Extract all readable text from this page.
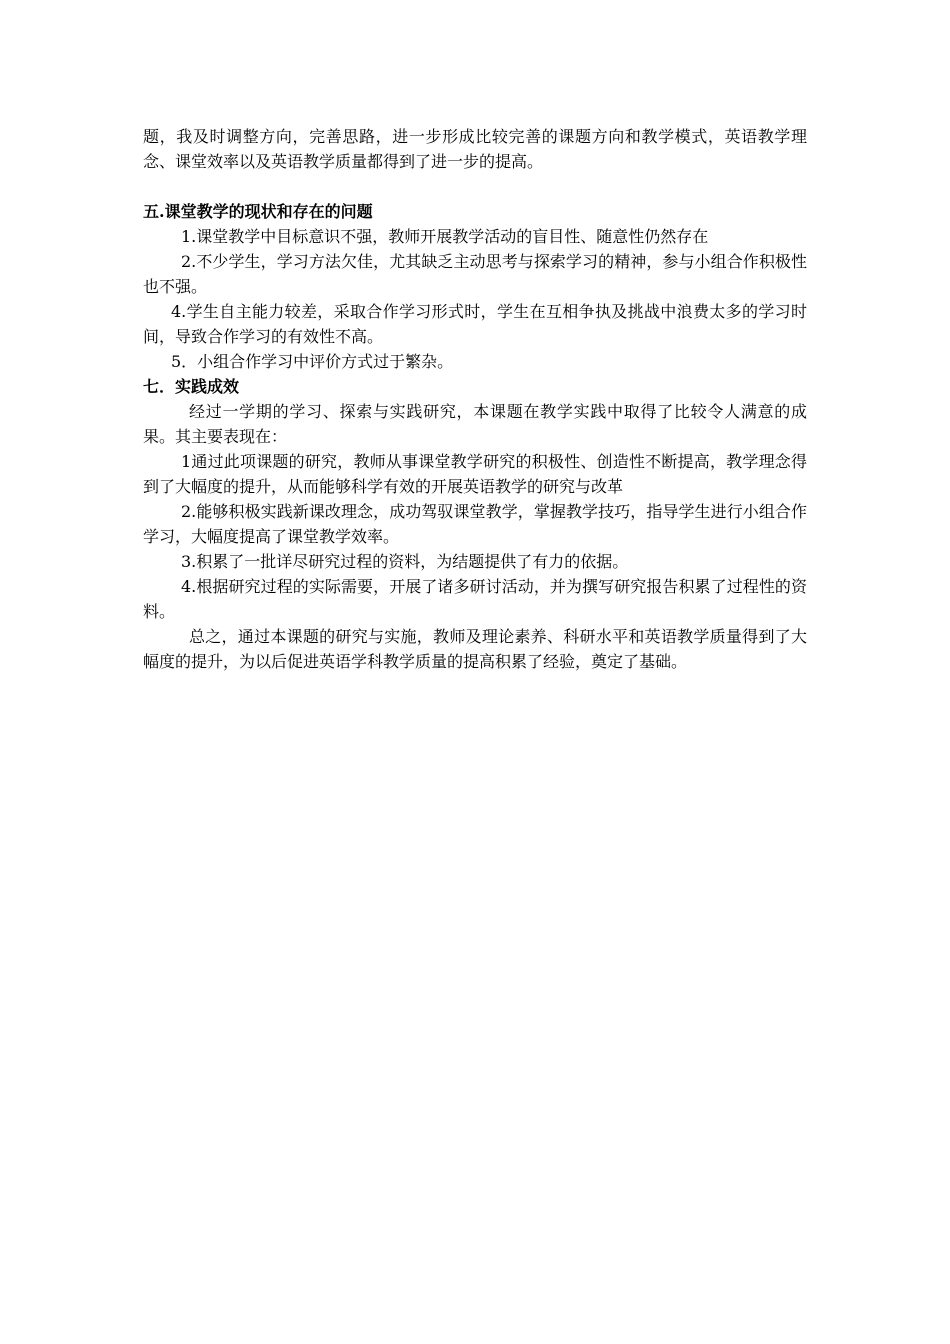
题，我及时调整方向，完善思路，进一步形成比较完善的课题方向和教学模式，英语教学理念、课堂效率以及英语教学质量都得到了进一步的提高。

五.课堂教学的现状和存在的问题

1.课堂教学中目标意识不强，教师开展教学活动的盲目性、随意性仍然存在

2.不少学生，学习方法欠佳，尤其缺乏主动思考与探索学习的精神，参与小组合作积极性也不强。

4.学生自主能力较差，采取合作学习形式时，学生在互相争执及挑战中浪费太多的学习时间，导致合作学习的有效性不高。

5．小组合作学习中评价方式过于繁杂。

七．实践成效

经过一学期的学习、探索与实践研究，本课题在教学实践中取得了比较令人满意的成果。其主要表现在：

1通过此项课题的研究，教师从事课堂教学研究的积极性、创造性不断提高，教学理念得到了大幅度的提升，从而能够科学有效的开展英语教学的研究与改革

2.能够积极实践新课改理念，成功驾驭课堂教学，掌握教学技巧，指导学生进行小组合作学习，大幅度提高了课堂教学效率。

3.积累了一批详尽研究过程的资料，为结题提供了有力的依据。

4.根据研究过程的实际需要，开展了诸多研讨活动，并为撰写研究报告积累了过程性的资料。

总之，通过本课题的研究与实施，教师及理论素养、科研水平和英语教学质量得到了大幅度的提升，为以后促进英语学科教学质量的提高积累了经验，奠定了基础。
